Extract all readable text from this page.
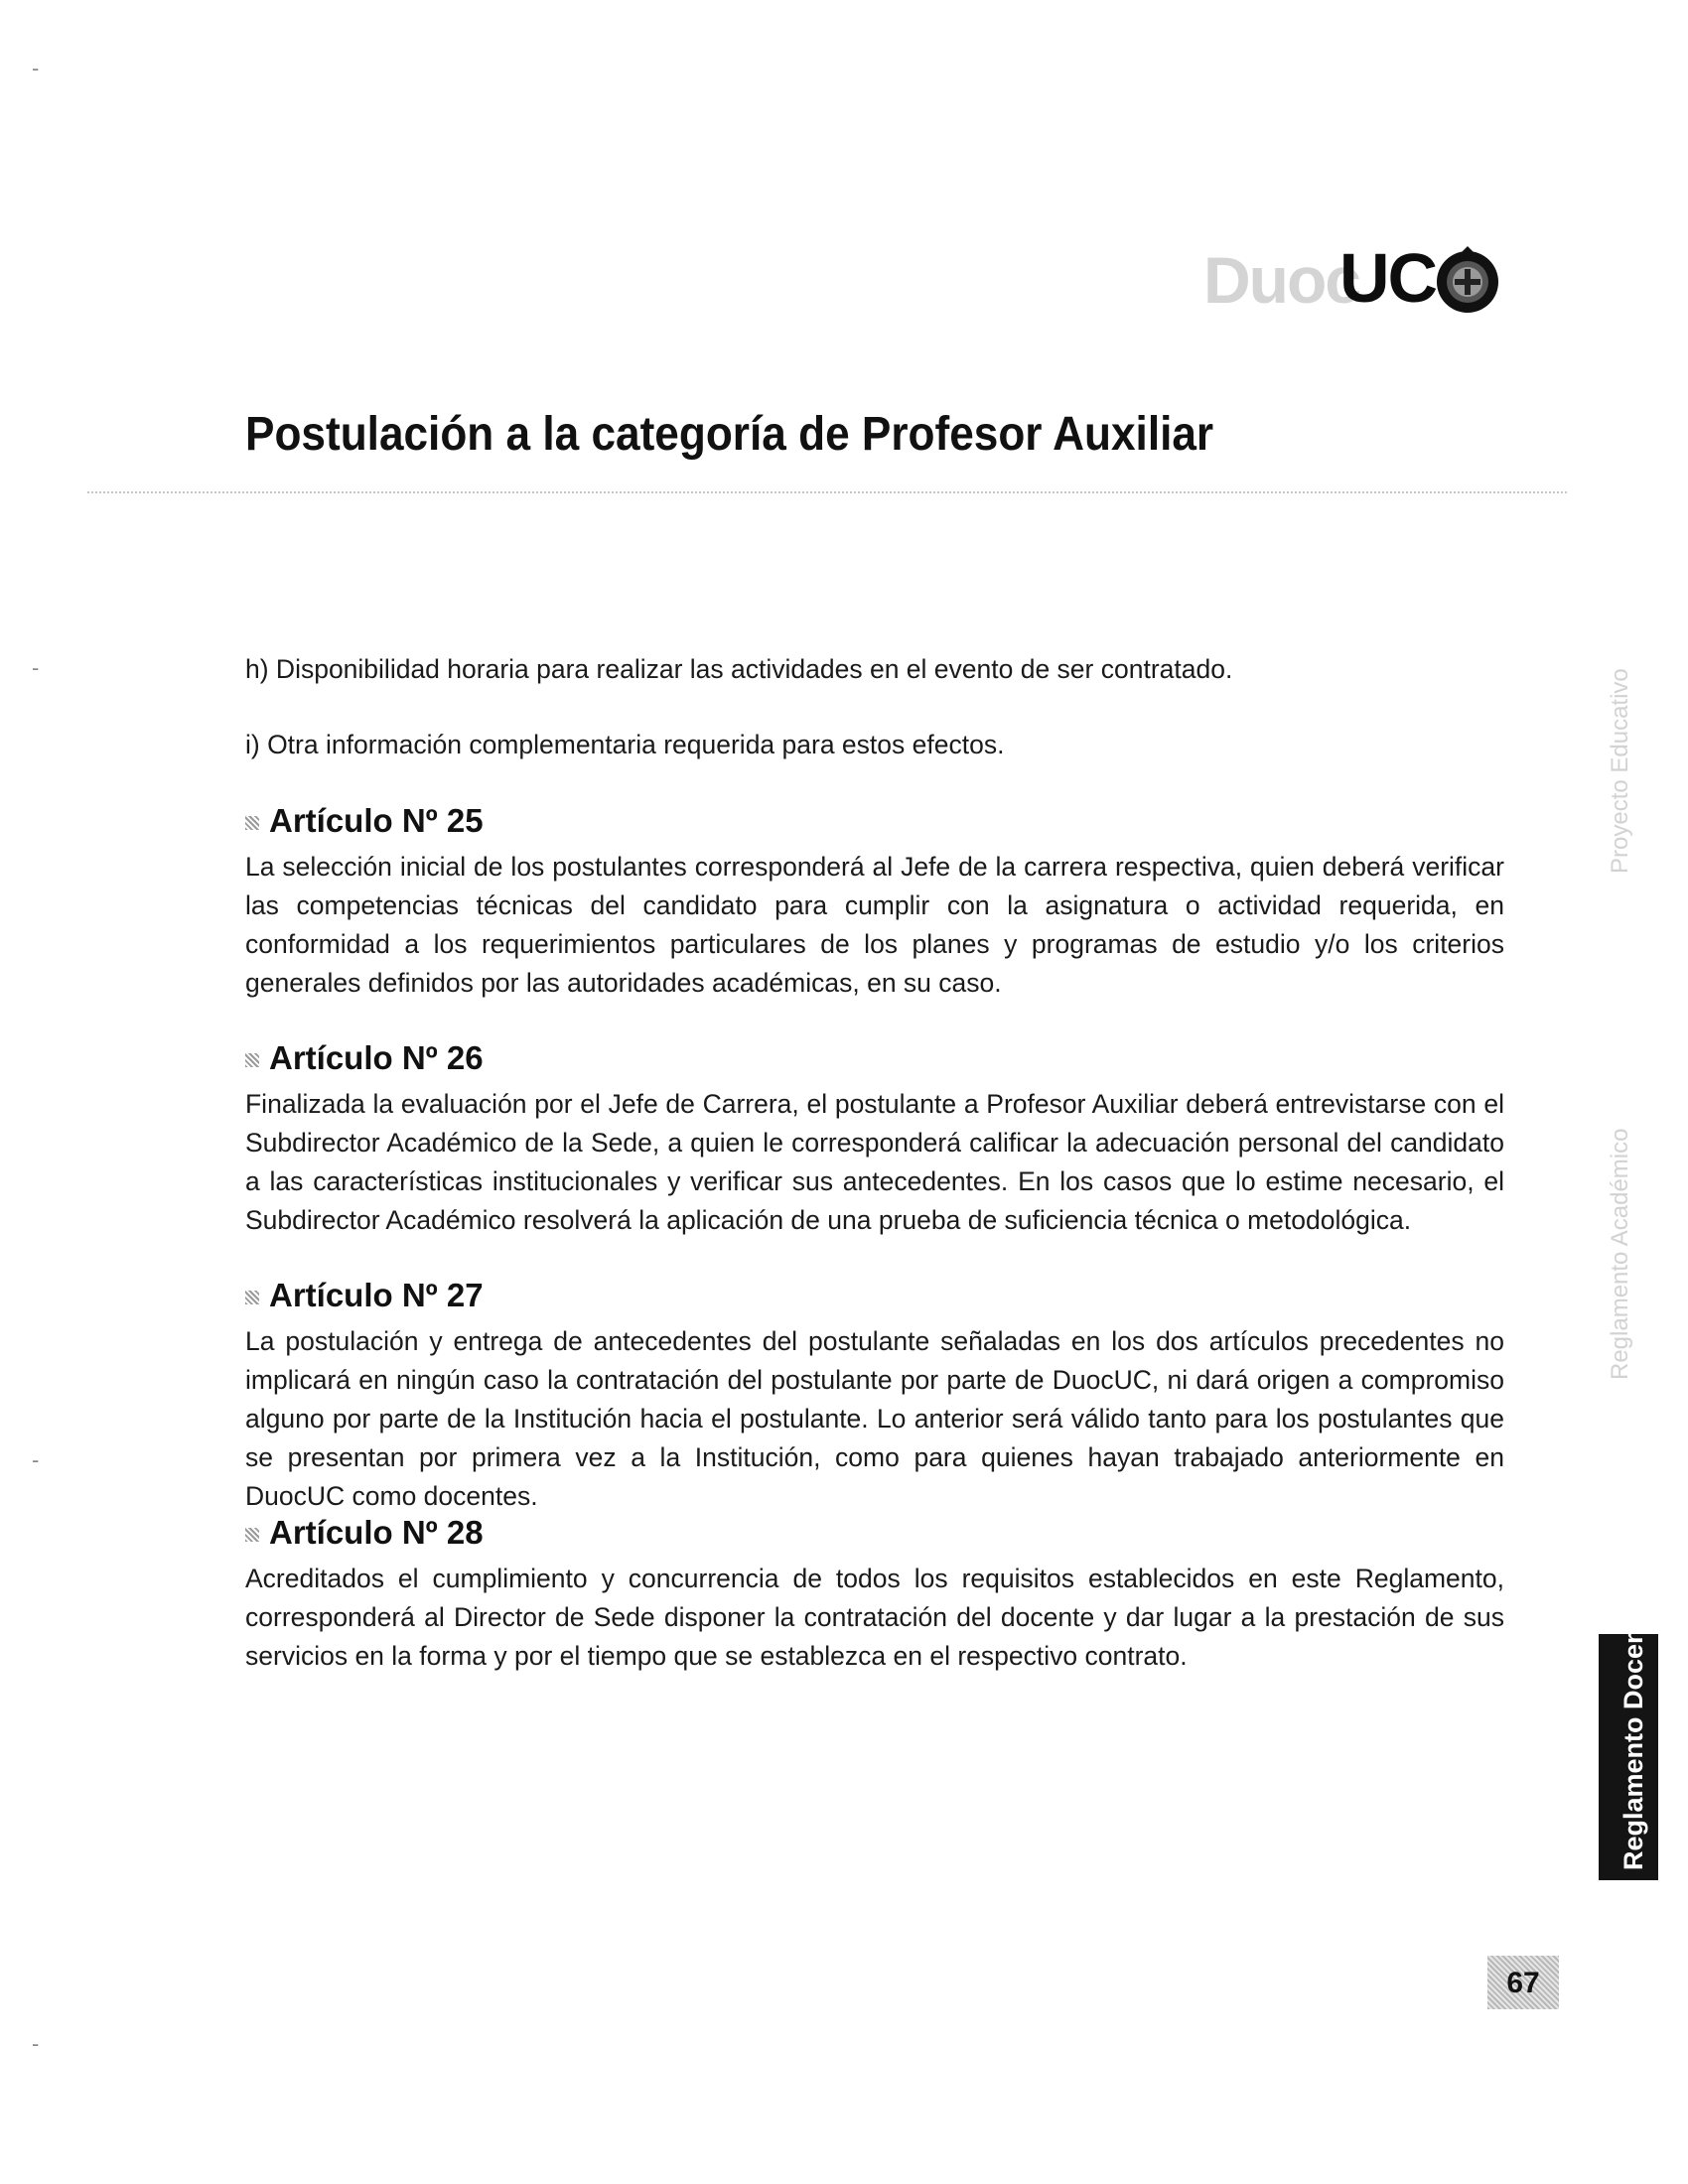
Duoc
UC
Postulación a la categoría de Profesor Auxiliar

h) Disponibilidad horaria para realizar las actividades en el evento de ser contratado.

i) Otra información complementaria requerida para estos efectos.

Artículo Nº 25

La selección inicial de los postulantes corresponderá al Jefe de la carrera respectiva, quien deberá verificar las competencias técnicas del candidato para cumplir con la asignatura o actividad requerida, en conformidad a los requerimientos particulares de los planes y programas de estudio y/o los criterios generales definidos por las autoridades académicas, en su caso.

Artículo Nº 26

Finalizada la evaluación por el Jefe de Carrera, el postulante a Profesor Auxiliar deberá entrevistarse con el Subdirector Académico de la Sede, a quien le corresponderá calificar la adecuación personal del candidato a las características institucionales y verificar sus antecedentes. En los casos que lo estime necesario, el Subdirector Académico resolverá la aplicación de una prueba de suficiencia técnica o metodológica.

Artículo Nº 27

La postulación y entrega de antecedentes del postulante señaladas en los dos artículos precedentes no implicará en ningún caso la contratación del postulante por parte de DuocUC, ni dará origen a compromiso alguno por parte de la Institución hacia el postulante. Lo anterior será válido tanto para los postulantes que se presentan por primera vez a la Institución, como para quienes hayan trabajado anteriormente en DuocUC como docentes.

Artículo Nº 28

Acreditados el cumplimiento y concurrencia de todos los requisitos establecidos en este Reglamento, corresponderá al Director de Sede disponer la contratación del docente y dar lugar a la prestación de sus servicios en la forma y por el tiempo que se establezca en el respectivo contrato.

Proyecto Educativo
Reglamento Académico
Reglamento Docente
67
-
-
-
-
